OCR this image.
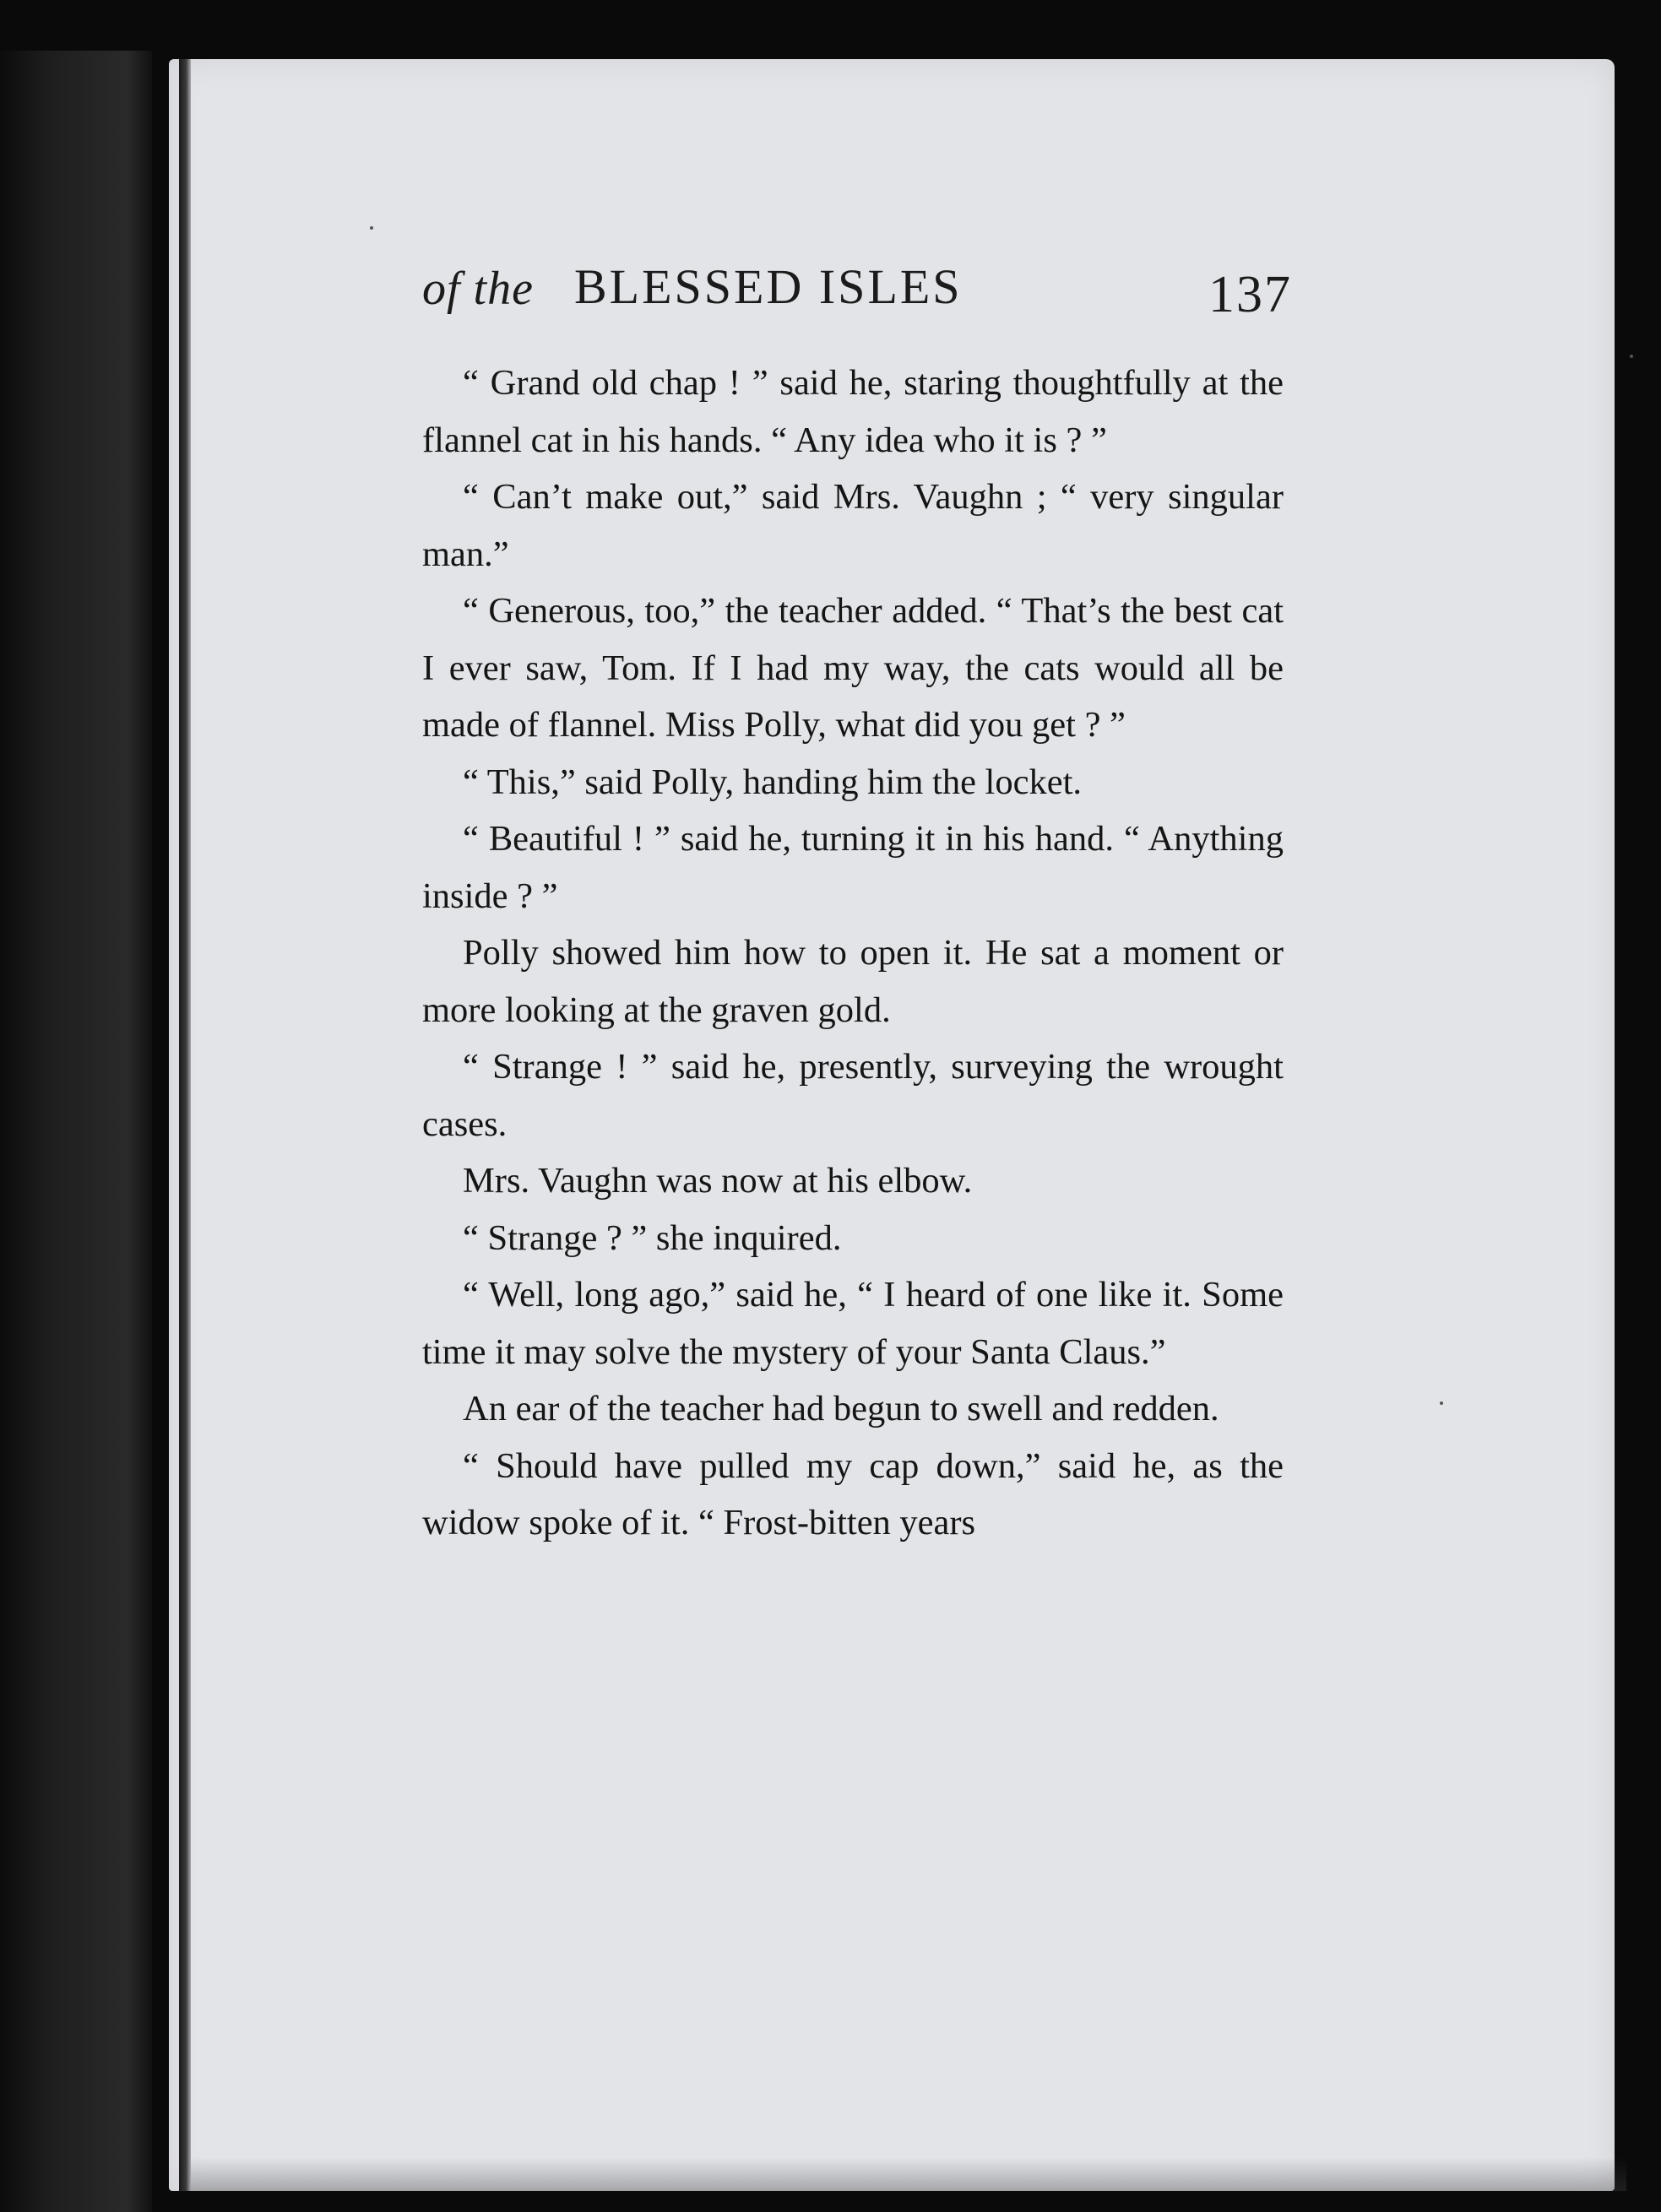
of the BLESSED ISLES	137

“ Grand old chap ! ” said he, staring thoughtfully at the flannel cat in his hands. “ Any idea who it is ? ”

“ Can’t make out,” said Mrs. Vaughn ; “ very singular man.”

“ Generous, too,” the teacher added. “ That’s the best cat I ever saw, Tom. If I had my way, the cats would all be made of flannel. Miss Polly, what did you get ? ”

“ This,” said Polly, handing him the locket.

“ Beautiful ! ” said he, turning it in his hand. “ Anything inside ? ”

Polly showed him how to open it. He sat a moment or more looking at the graven gold.

“ Strange ! ” said he, presently, surveying the wrought cases.

Mrs. Vaughn was now at his elbow.

“ Strange ? ” she inquired.

“ Well, long ago,” said he, “ I heard of one like it. Some time it may solve the mystery of your Santa Claus.”

An ear of the teacher had begun to swell and redden.

“ Should have pulled my cap down,” said he, as the widow spoke of it. “ Frost-bitten years
